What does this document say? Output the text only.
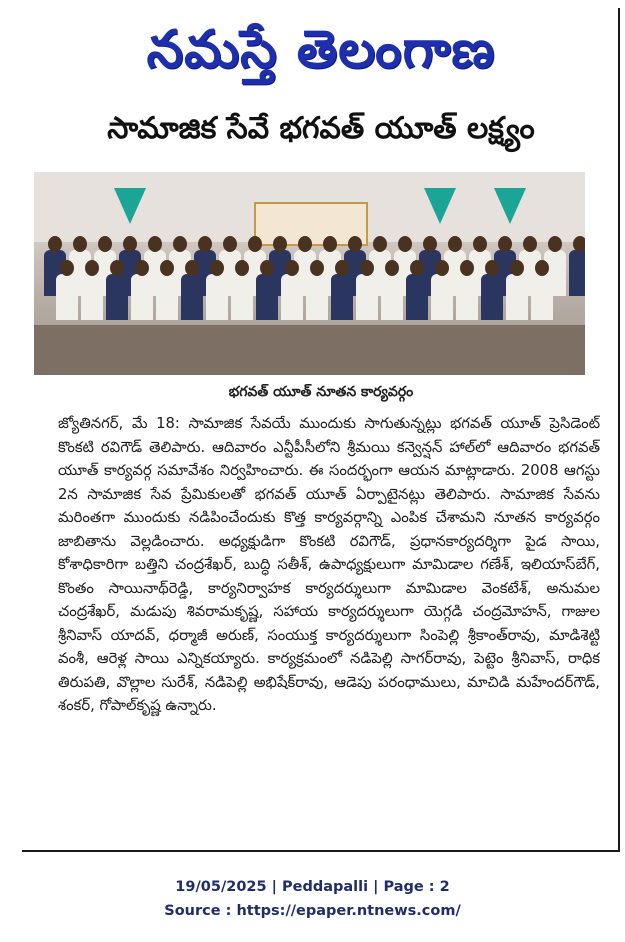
నమస్తే తెలంగాణ
సామాజిక సేవే భగవత్ యూత్ లక్ష్యం
భగవత్ యూత్ నూతన కార్యవర్గం
జ్యోతినగర్, మే 18: సామాజిక సేవయే ముందుకు సాగుతున్నట్లు భగవత్ యూత్ ప్రెసిడెంట్ కొంకటి రవిగౌడ్ తెలిపారు. ఆదివారం ఎన్టీపీసీలోని శ్రీమయి కన్వెన్షన్ హాల్‌లో ఆదివారం భగవత్ యూత్ కార్యవర్గ సమావేశం నిర్వహించారు. ఈ సందర్భంగా ఆయన మాట్లాడారు. 2008 ఆగస్టు 2న సామాజిక సేవ ప్రేమికులతో భగవత్ యూత్ ఏర్పాటైనట్లు తెలిపారు. సామాజిక సేవను మరింతగా ముందుకు నడిపించేందుకు కొత్త కార్యవర్గాన్ని ఎంపిక చేశామని నూతన కార్యవర్గం జాబితాను వెల్లడించారు. అధ్యక్షుడిగా కొంకటి రవిగౌడ్, ప్రధానకార్యదర్శిగా పైడ సాయి, కోశాధికారిగా బత్తిని చంద్రశేఖర్, బుద్ధి సతీశ్, ఉపాధ్యక్షులుగా మామిడాల గణేశ్, ఇలియాస్‌బేగ్, కొంతం సాయినాథ్‌రెడ్డి, కార్యనిర్వాహక కార్యదర్శులుగా మామిడాల వెంకటేశ్, అనుమల చంద్రశేఖర్, మడుపు శివరామకృష్ణ, సహాయ కార్యదర్శులుగా యెగ్గడి చంద్రమోహన్, గాజుల శ్రీనివాస్ యాదవ్, ధర్మాజీ అరుణ్, సంయుక్త కార్యదర్శులుగా సింపెల్లి శ్రీకాంత్‌రావు, మాడిశెట్టి వంశీ, ఆరెళ్ల సాయి ఎన్నికయ్యారు. కార్యక్రమంలో నడిపెల్లి సాగర్‌రావు, పెట్టెం శ్రీనివాస్, రాధిక తిరుపతి, వొల్లాల సురేశ్, నడిపెల్లి అభిషేక్‌రావు, ఆడెపు పరంధాములు, మాచిడి మహేందర్‌గౌడ్, శంకర్, గోపాల్‌కృష్ణ ఉన్నారు.
19/05/2025 | Peddapalli | Page : 2
Source : https://epaper.ntnews.com/
